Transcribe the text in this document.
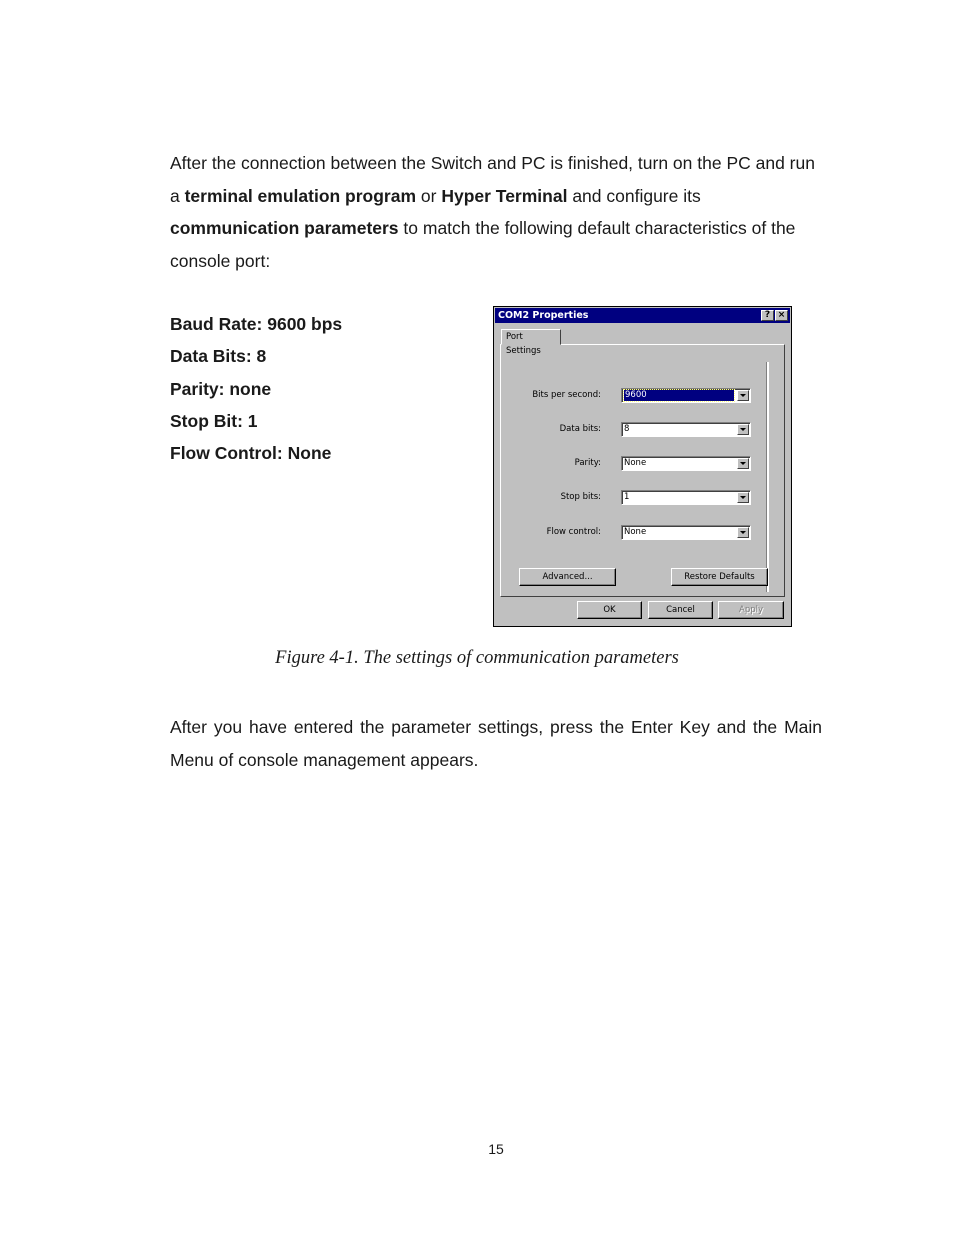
After the connection between the Switch and PC is finished, turn on the PC and run a terminal emulation program or Hyper Terminal and configure its communication parameters to match the following default characteristics of the console port:

Baud Rate: 9600 bps
Data Bits: 8
Parity: none
Stop Bit: 1
Flow Control: None
COM2 Properties	? ×
Port Settings
Bits per second:	9600
Data bits:	8
Parity:	None
Stop bits:	1
Flow control:	None
Advanced...	Restore Defaults
OK	Cancel	Apply
Figure 4-1. The settings of communication parameters

After you have entered the parameter settings, press the Enter Key and the Main Menu of console management appears.

15
